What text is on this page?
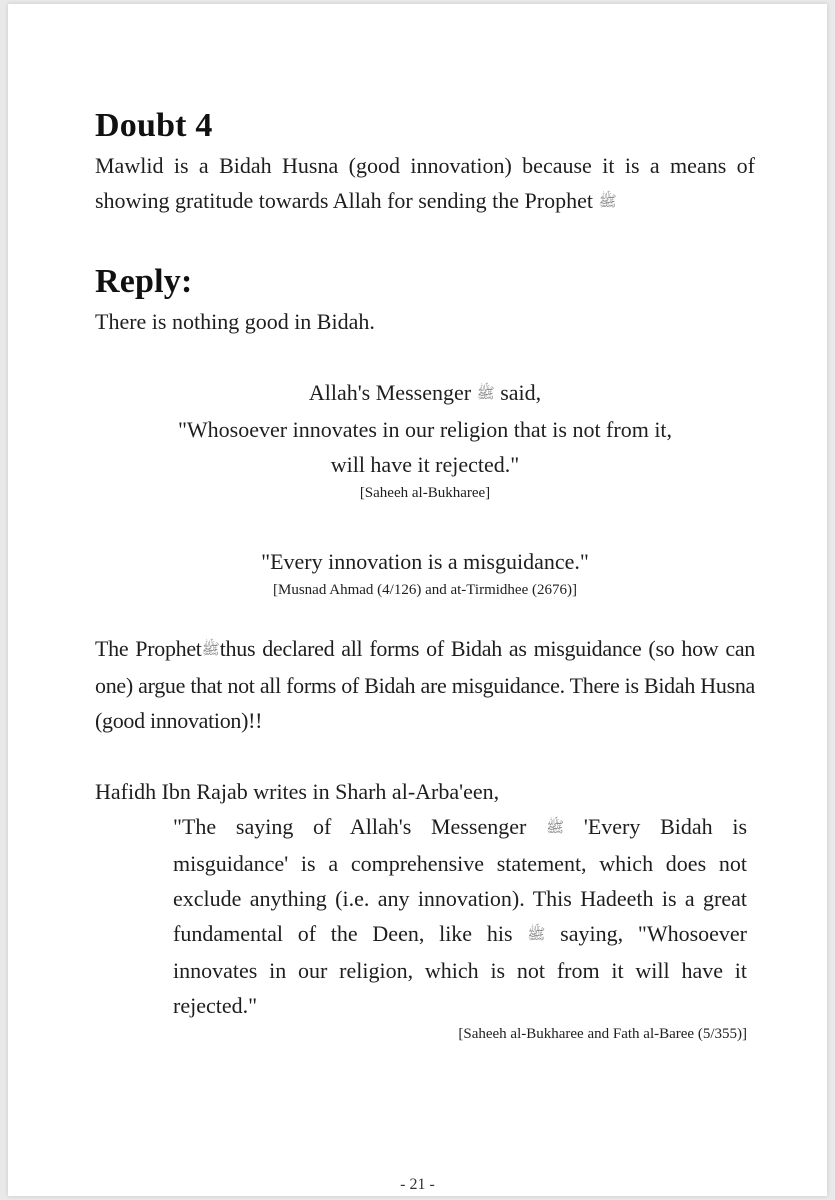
Doubt 4

Mawlid is a Bidah Husna (good innovation) because it is a means of showing gratitude towards Allah for sending the Prophet ﷺ

Reply:

There is nothing good in Bidah.

Allah's Messenger ﷺ said,

"Whosoever innovates in our religion that is not from it,

will have it rejected."

[Saheeh al-Bukharee]

"Every innovation is a misguidance."

[Musnad Ahmad (4/126) and at-Tirmidhee (2676)]

The Prophetﷺthus declared all forms of Bidah as misguidance (so how can one) argue that not all forms of Bidah are misguidance. There is Bidah Husna (good innovation)!!

Hafidh Ibn Rajab writes in Sharh al-Arba'een,

"The saying of Allah's Messenger ﷺ 'Every Bidah is misguidance' is a comprehensive statement, which does not exclude anything (i.e. any innovation). This Hadeeth is a great fundamental of the Deen, like his ﷺ saying, "Whosoever innovates in our religion, which is not from it will have it rejected."

[Saheeh al-Bukharee and Fath al-Baree (5/355)]
- 21 -
